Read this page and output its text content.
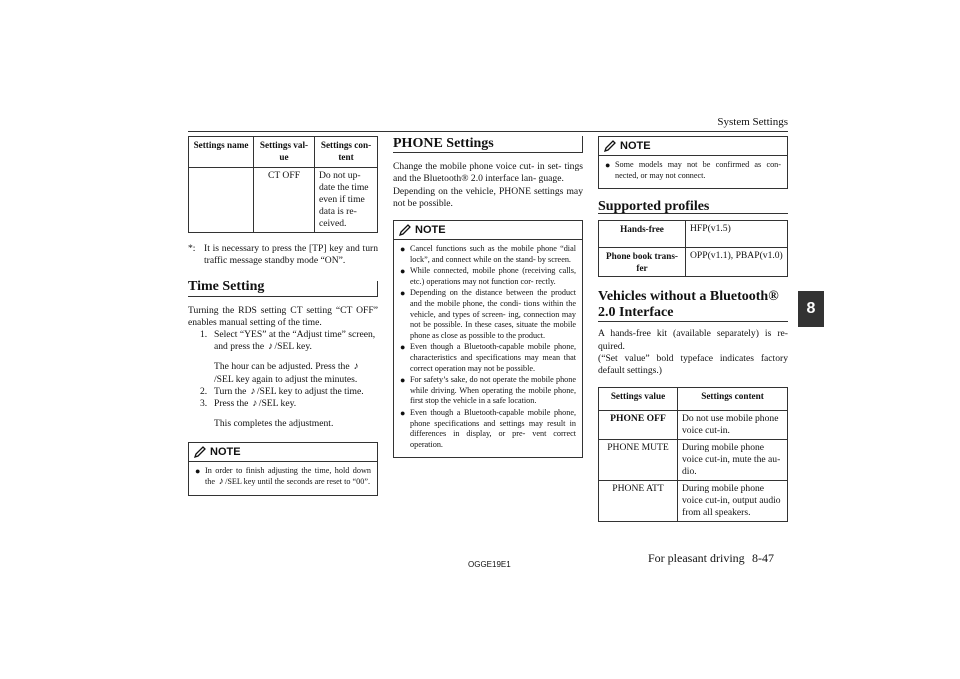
System Settings
8
Settings name	Settings val- ue	Settings con- tent
	CT OFF	Do not up- date the time even if time data is re- ceived.
*: It is necessary to press the [TP] key and turn traffic message standby mode “ON”.
Time Setting
Turning the RDS setting CT setting “CT OFF” enables manual setting of the time.
1. Select “YES” at the “Adjust time” screen, and press the ♪ /SEL key.
The hour can be adjusted. Press the ♪/SEL key again to adjust the minutes.
2. Turn the ♪ /SEL key to adjust the time.
3. Press the ♪ /SEL key.
This completes the adjustment.
NOTE
● In order to finish adjusting the time, hold down the ♪ /SEL key until the seconds are reset to “00”.
PHONE Settings
Change the mobile phone voice cut- in set- tings and the Bluetooth® 2.0 interface lan- guage.
Depending on the vehicle, PHONE settings may not be possible.
NOTE
● Cancel functions such as the mobile phone “dial lock”, and connect while on the stand- by screen.
● While connected, mobile phone (receiving calls, etc.) operations may not function cor- rectly.
● Depending on the distance between the product and the mobile phone, the condi- tions within the vehicle, and types of screen- ing, connection may not be possible. In these cases, situate the mobile phone as close as possible to the product.
● Even though a Bluetooth-capable mobile phone, characteristics and specifications may mean that correct operation may not be possible.
● For safety’s sake, do not operate the mobile phone while driving. When operating the mobile phone, first stop the vehicle in a safe location.
● Even though a Bluetooth-capable mobile phone, phone specifications and settings may result in differences in display, or pre- vent correct operation.
NOTE
● Some models may not be confirmed as con- nected, or may not connect.
Supported profiles
Hands-free	HFP(v1.5)
Phone book trans- fer	OPP(v1.1), PBAP(v1.0)
Vehicles without a Bluetooth® 2.0 Interface
A hands-free kit (available separately) is re- quired.
(“Set value” bold typeface indicates factory default settings.)
Settings value	Settings content
PHONE OFF	Do not use mobile phone voice cut-in.
PHONE MUTE	During mobile phone voice cut-in, mute the au- dio.
PHONE ATT	During mobile phone voice cut-in, output audio from all speakers.
OGGE19E1	For pleasant driving 8-47
